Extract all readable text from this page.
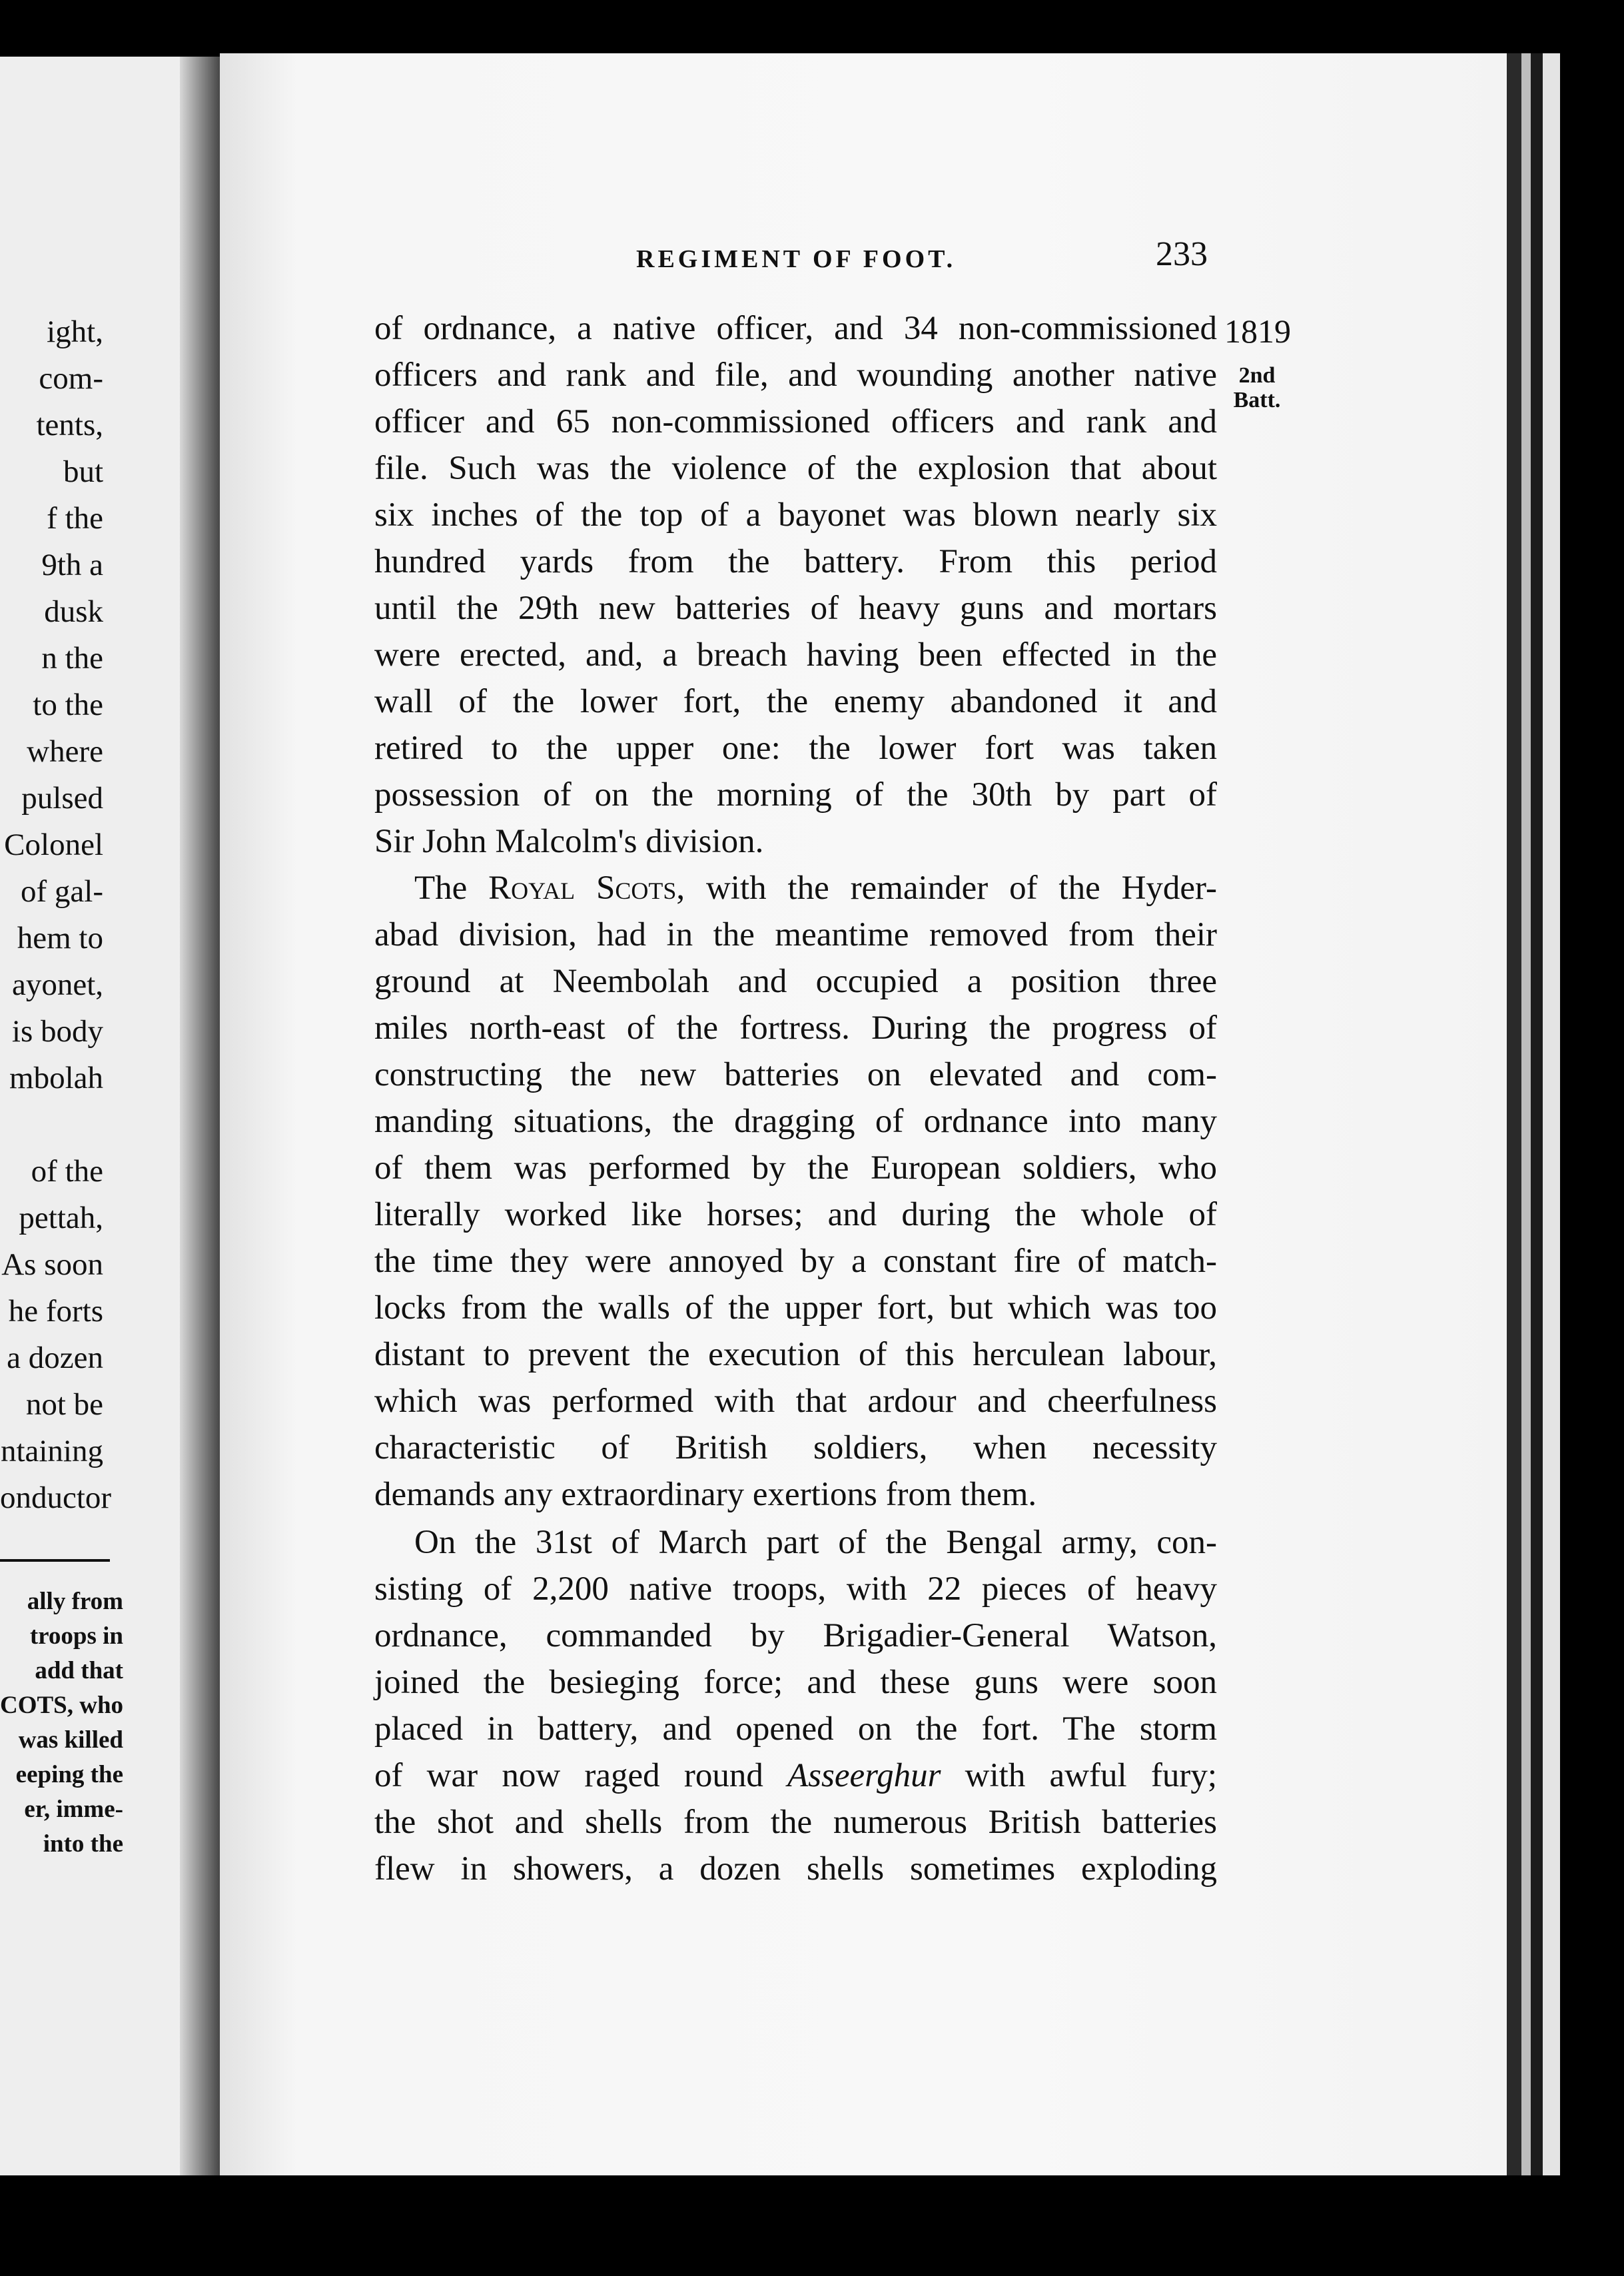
ight,
com-
tents,
but
f the
9th a
dusk
n the
to the
where
pulsed
Colonel
of gal-
hem to
ayonet,
is body
mbolah
of the
pettah,
As soon
he forts
a dozen
not be
ntaining
onductor
ally from
troops in
add that
COTS, who
was killed
eeping the
er, imme-
into the
REGIMENT OF FOOT.	233
1819
2nd Batt.
of ordnance, a native officer, and 34 non-commissioned
officers and rank and file, and wounding another native
officer and 65 non-commissioned officers and rank and
file. Such was the violence of the explosion that about
six inches of the top of a bayonet was blown nearly six
hundred yards from the battery. From this period
until the 29th new batteries of heavy guns and mortars
were erected, and, a breach having been effected in the
wall of the lower fort, the enemy abandoned it and
retired to the upper one: the lower fort was taken
possession of on the morning of the 30th by part of
Sir John Malcolm's division.
The Royal Scots, with the remainder of the Hyder-
abad division, had in the meantime removed from their
ground at Neembolah and occupied a position three
miles north-east of the fortress. During the progress of
constructing the new batteries on elevated and com-
manding situations, the dragging of ordnance into many
of them was performed by the European soldiers, who
literally worked like horses; and during the whole of
the time they were annoyed by a constant fire of match-
locks from the walls of the upper fort, but which was too
distant to prevent the execution of this herculean labour,
which was performed with that ardour and cheerfulness
characteristic of British soldiers, when necessity
demands any extraordinary exertions from them.
On the 31st of March part of the Bengal army, con-
sisting of 2,200 native troops, with 22 pieces of heavy
ordnance, commanded by Brigadier-General Watson,
joined the besieging force; and these guns were soon
placed in battery, and opened on the fort. The storm
of war now raged round Asseerghur with awful fury;
the shot and shells from the numerous British batteries
flew in showers, a dozen shells sometimes exploding
